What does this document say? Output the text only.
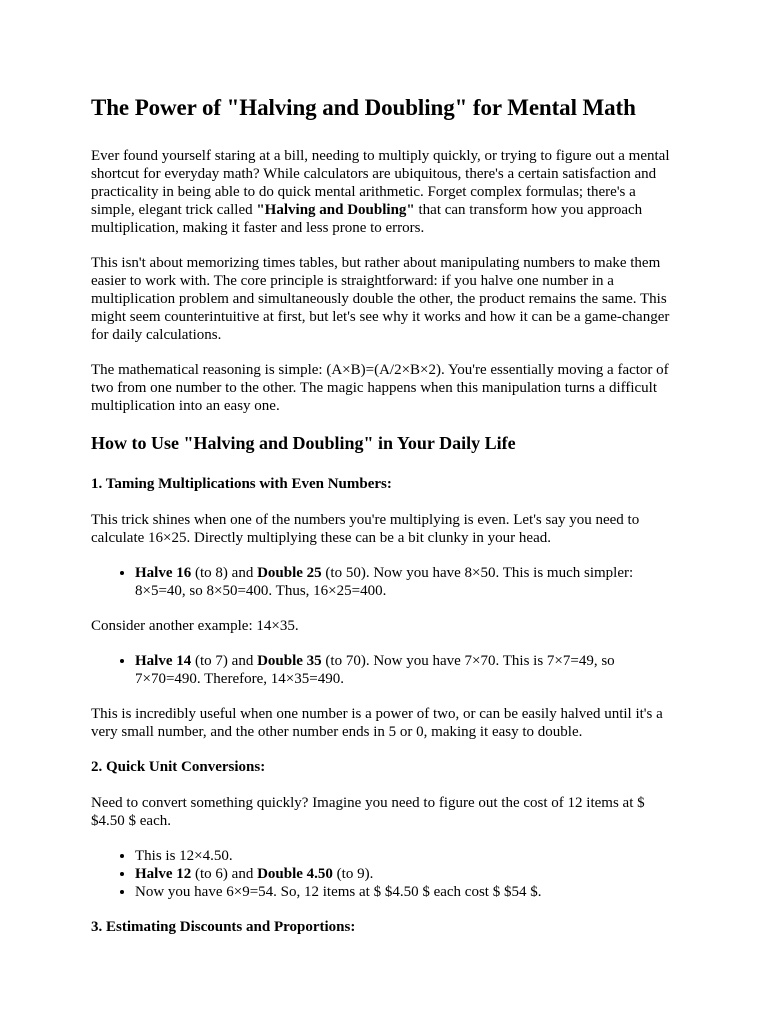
The Power of "Halving and Doubling" for Mental Math

Ever found yourself staring at a bill, needing to multiply quickly, or trying to figure out a mental shortcut for everyday math? While calculators are ubiquitous, there's a certain satisfaction and practicality in being able to do quick mental arithmetic. Forget complex formulas; there's a simple, elegant trick called "Halving and Doubling" that can transform how you approach multiplication, making it faster and less prone to errors.

This isn't about memorizing times tables, but rather about manipulating numbers to make them easier to work with. The core principle is straightforward: if you halve one number in a multiplication problem and simultaneously double the other, the product remains the same. This might seem counterintuitive at first, but let's see why it works and how it can be a game-changer for daily calculations.

The mathematical reasoning is simple: (A×B)=(A/2×B×2). You're essentially moving a factor of two from one number to the other. The magic happens when this manipulation turns a difficult multiplication into an easy one.

How to Use "Halving and Doubling" in Your Daily Life
1. Taming Multiplications with Even Numbers:

This trick shines when one of the numbers you're multiplying is even. Let's say you need to calculate 16×25. Directly multiplying these can be a bit clunky in your head.

• Halve 16 (to 8) and Double 25 (to 50). Now you have 8×50. This is much simpler: 8×5=40, so 8×50=400. Thus, 16×25=400.

Consider another example: 14×35.

• Halve 14 (to 7) and Double 35 (to 70). Now you have 7×70. This is 7×7=49, so 7×70=490. Therefore, 14×35=490.

This is incredibly useful when one number is a power of two, or can be easily halved until it's a very small number, and the other number ends in 5 or 0, making it easy to double.

2. Quick Unit Conversions:

Need to convert something quickly? Imagine you need to figure out the cost of 12 items at $ $4.50 $ each.

• This is 12×4.50.
• Halve 12 (to 6) and Double 4.50 (to 9).
• Now you have 6×9=54. So, 12 items at $ $4.50 $ each cost $ $54 $.
3. Estimating Discounts and Proportions:
